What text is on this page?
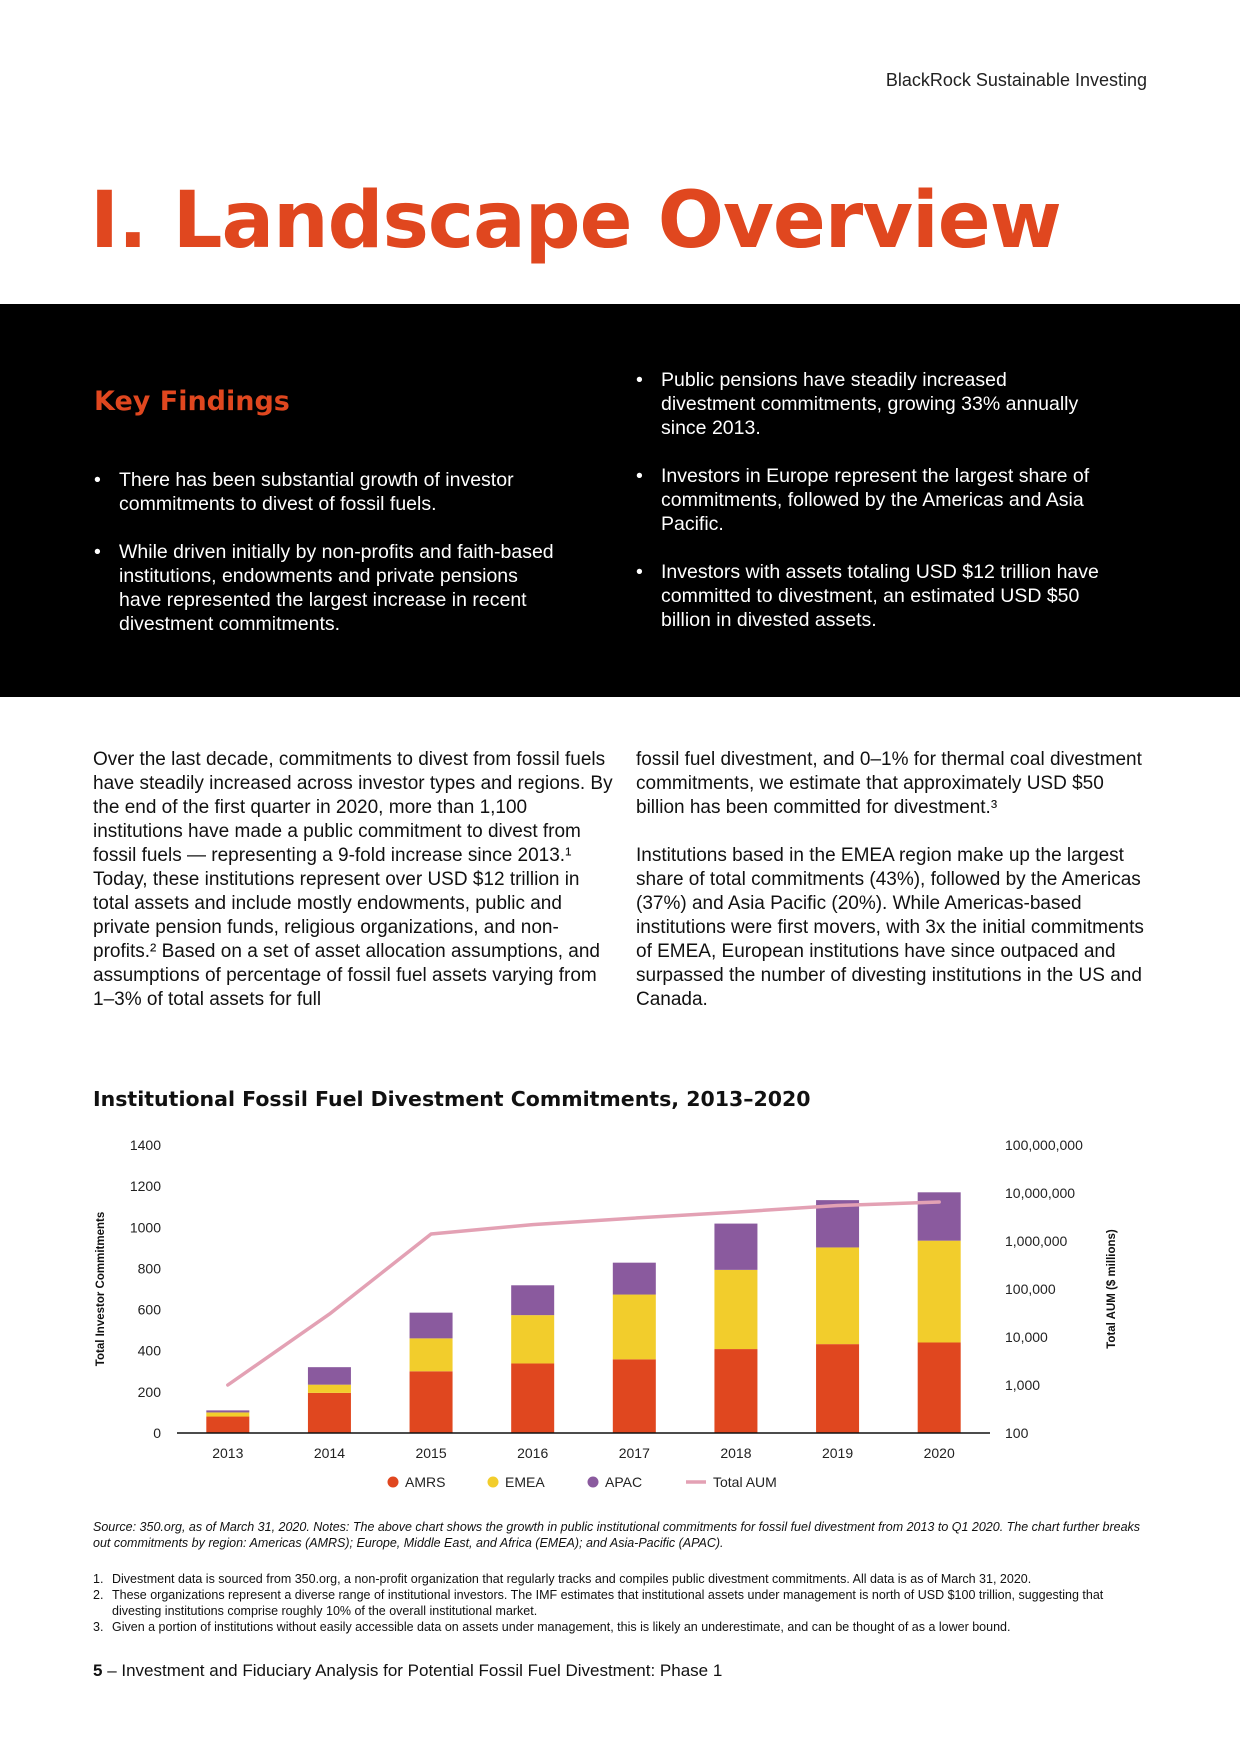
BlackRock Sustainable Investing
I. Landscape Overview
Key Findings
• There has been substantial growth of investor commitments to divest of fossil fuels.
• While driven initially by non-profits and faith-based institutions, endowments and private pensions have represented the largest increase in recent divestment commitments.
• Public pensions have steadily increased divestment commitments, growing 33% annually since 2013.
• Investors in Europe represent the largest share of commitments, followed by the Americas and Asia Pacific.
• Investors with assets totaling USD $12 trillion have committed to divestment, an estimated USD $50 billion in divested assets.

Over the last decade, commitments to divest from fossil fuels have steadily increased across investor types and regions. By the end of the first quarter in 2020, more than 1,100 institutions have made a public commitment to divest from fossil fuels — representing a 9-fold increase since 2013.¹ Today, these institutions represent over USD $12 trillion in total assets and include mostly endowments, public and private pension funds, religious organizations, and non-profits.² Based on a set of asset allocation assumptions, and assumptions of percentage of fossil fuel assets varying from 1–3% of total assets for full

fossil fuel divestment, and 0–1% for thermal coal divestment commitments, we estimate that approximately USD $50 billion has been committed for divestment.³

Institutions based in the EMEA region make up the largest share of total commitments (43%), followed by the Americas (37%) and Asia Pacific (20%). While Americas-based institutions were first movers, with 3x the initial commitments of EMEA, European institutions have since outpaced and surpassed the number of divesting institutions in the US and Canada.

Institutional Fossil Fuel Divestment Commitments, 2013–2020
0
200
400
600
800
1000
1200
1400
100
1,000
10,000
100,000
1,000,000
10,000,000
100,000,000
Total Investor Commitments	Total AUM ($ millions)
2013	2014	2015	2016	2017	2018	2019	2020
AMRS	EMEA	APAC	Total AUM

Source: 350.org, as of March 31, 2020. Notes: The above chart shows the growth in public institutional commitments for fossil fuel divestment from 2013 to Q1 2020. The chart further breaks out commitments by region: Americas (AMRS); Europe, Middle East, and Africa (EMEA); and Asia-Pacific (APAC).

1. Divestment data is sourced from 350.org, a non-profit organization that regularly tracks and compiles public divestment commitments. All data is as of March 31, 2020.
2. These organizations represent a diverse range of institutional investors. The IMF estimates that institutional assets under management is north of USD $100 trillion, suggesting that divesting institutions comprise roughly 10% of the overall institutional market.
3. Given a portion of institutions without easily accessible data on assets under management, this is likely an underestimate, and can be thought of as a lower bound.
5 – Investment and Fiduciary Analysis for Potential Fossil Fuel Divestment: Phase 1
